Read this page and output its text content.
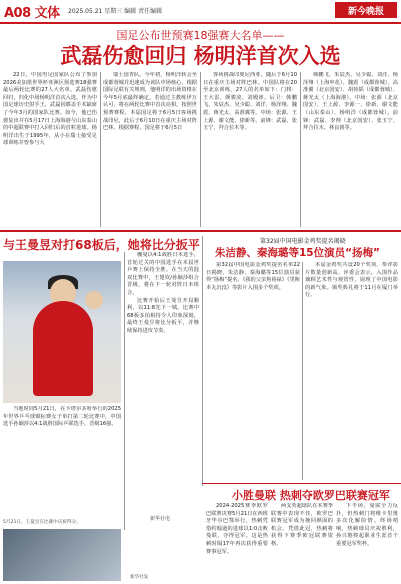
A08 文体 2025.05.21 星期三 编辑 责任编辑	新今晚报
国足公布世预赛18强赛大名单——
武磊伤愈回归 杨明洋首次入选

22日，中国男足国家队公布了参加2026美加墨世界杯亚洲区预选赛18强赛最后两轮比赛的27人大名单。武磊伤愈回归，归化中场杨明洋首次入选。作为中国足球历史射手王，武磊因膝盖手术缺席了今年3月的国家队比赛。如今，他已伤愈复出并在5月17日上海海港与山东泰山的中超联赛中打入回归后的首粒进球。杨明洋出生于1995年，从小在瑞士接受足球训练并曾参与大

瑞士国青队。今年初，杨明洋转会至成都蓉城并迅速成为该队中场核心，根据国际足联有关规则，他明洋的出场资格在今年5月底最终确定。若通过主教练伊万认可，将在两轮比赛中首次亮相。按照世预赛赛程，本届国足将于6月5日客场挑战印尼，此后于6月10日在重庆主场对阵巴林。根据赛程，国足将于6月5日

客场挑战印度尼西亚，随后于6月10日在重庆主场对阵巴林。中国队将在20至北京训练，27人的名单如下：门将：王大雷、颜骏凌、刘殿座。后卫：韩鹏飞、朱辰杰、吴少聪、刘洋、杨泽翔、魏震、蒋光太、高准翼等。中场：张源、王上源、谢文能、徐新等。前锋：武磊、张玉宁、拜合拉木等。

韩鹏飞、朱辰杰、吴少聪、刘洋、杨泽翔（上海申花）、魏震（成都蓉城）、高准翼（北京国安）、胡荷韬（成都蓉城）、蒋光太（上海海港）。中场：张源（北京国安）、王上源、李源一、徐新、谢文能（山东泰山）、杨明洋（成都蓉城）。前锋：武磊、李帅（北京国安）、张玉宁、拜合拉木、林良铭等。

与王曼昱对打68板后，她将比分扳平

当地时间5月21日，在卡塔尔多哈举行的2025年世界乒乓球锦标赛女子单打第二轮比赛中，中国选手孙颖莎以4:1战胜国际乒联选手，晋级16强。

蒯曼以4:1战胜日本选手，首轮过关的中国选手在本届世乒赛上保持全胜。在当天的混双比赛中，王楚钦/孙颖莎组合晋级，将在下一轮对阵日本组合。

比赛开始后王曼昱开局顺利，以11:8先下一城。比赛中68板多拍相持令人印象深刻，最终王曼昱将比分扳平，并继续保持进攻节奏。

新华社电
5月21日，王曼昱在比赛中庆祝得分。
新华社发
第32届中国电影金鸡奖提名揭晓
朱洁静、秦海璐等15位演员“扬梅”

第32届中国电影金鸡奖提名名单22日揭晓，朱洁静、秦海璐等15位演员获得“扬梅”提名，《我的父亲焦裕禄》《里斯本丸沉没》等影片入围多个奖项。

本届金鸡奖共设20个奖项，参评影片数量创新高。评委会表示，入围作品兼顾艺术性与观赏性，展现了中国电影的新气象。颁奖典礼将于11月在厦门举行。

小胜曼联 热刺夺欧罗巴联赛冠军

2024-2025赛季欧罗巴联赛决赛5月21日在西班牙毕尔巴鄂举行，热刺凭借约翰逊的进球以1:0击败曼联，夺得冠军。这是热刺时隔17年再次获得重要赛事冠军。

两支英超球队在本赛季联赛中表现不佳，欧罗巴联赛冠军成为挽回颜面的机会。凭借此冠，热刺将获得下赛季欧冠联赛资格。

下半场，曼联全力反扑，但热刺门将维卡里奥多次化解险情。终场哨响，热刺球员庆祝胜利，孙兴慜捧起职业生涯首个重要冠军奖杯。
